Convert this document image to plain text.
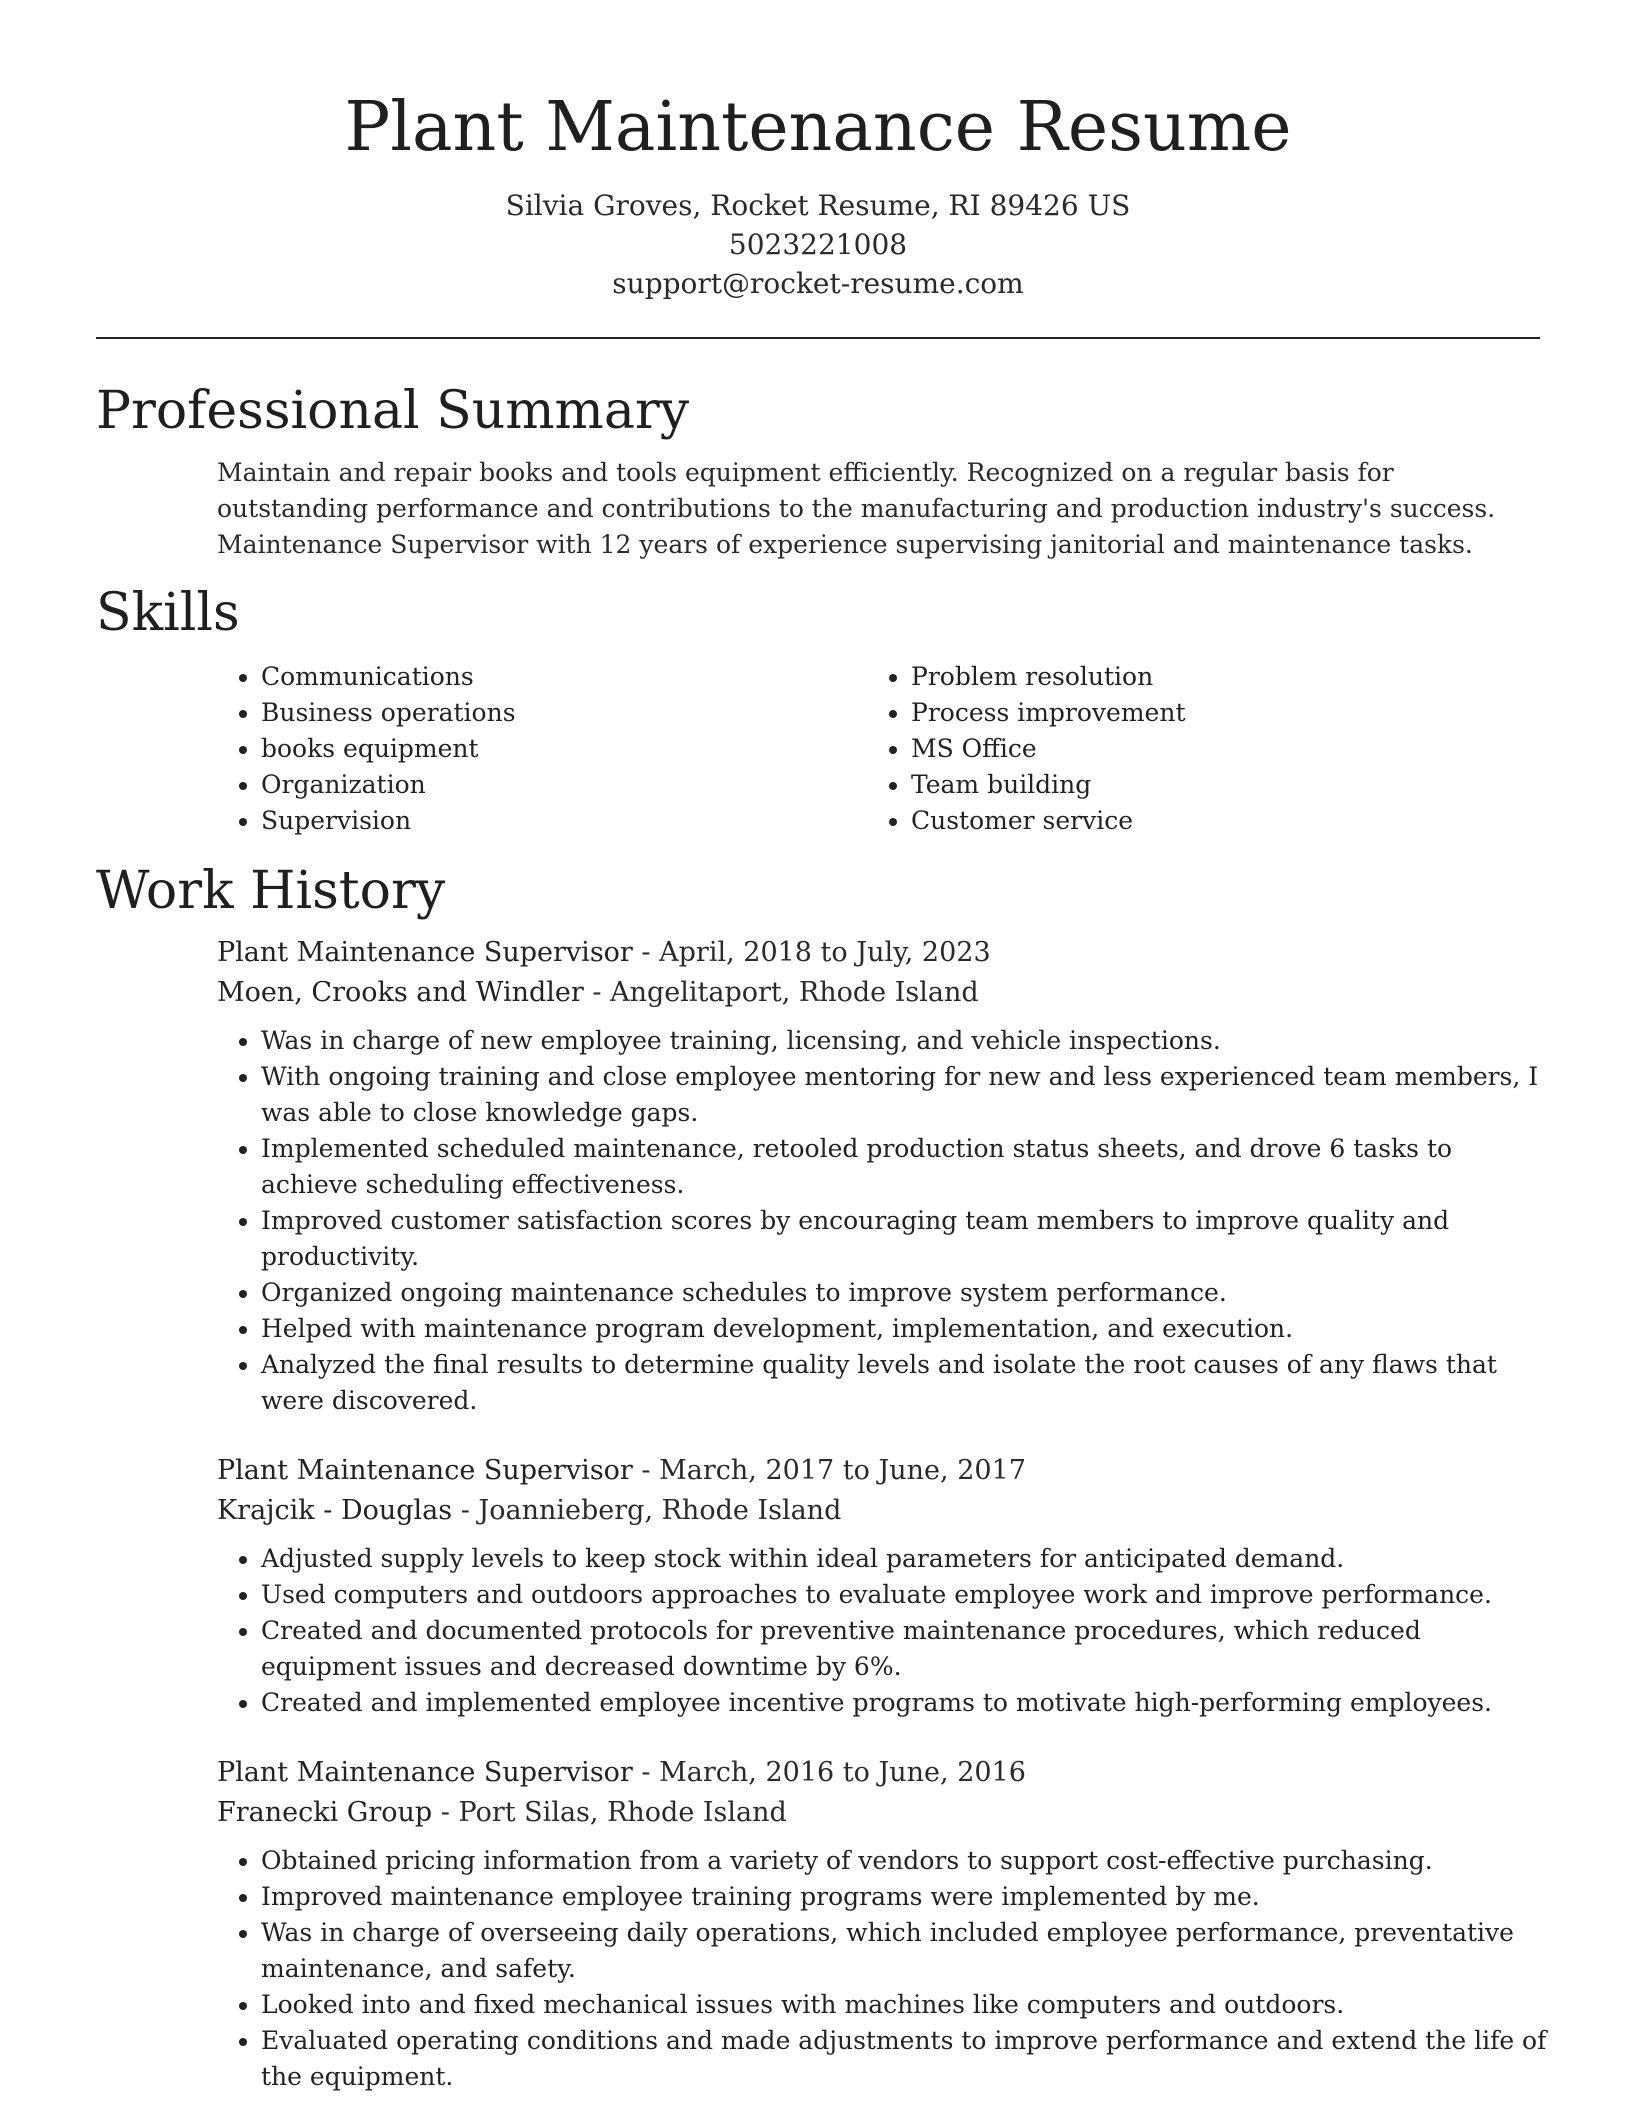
Plant Maintenance Resume
Silvia Groves, Rocket Resume, RI 89426 US
5023221008
support@rocket-resume.com
Professional Summary
Maintain and repair books and tools equipment efficiently. Recognized on a regular basis for outstanding performance and contributions to the manufacturing and production industry's success. Maintenance Supervisor with 12 years of experience supervising janitorial and maintenance tasks.
Skills
• Communications
• Business operations
• books equipment
• Organization
• Supervision
• Problem resolution
• Process improvement
• MS Office
• Team building
• Customer service
Work History
Plant Maintenance Supervisor - April, 2018 to July, 2023
Moen, Crooks and Windler - Angelitaport, Rhode Island
• Was in charge of new employee training, licensing, and vehicle inspections.
• With ongoing training and close employee mentoring for new and less experienced team members, I was able to close knowledge gaps.
• Implemented scheduled maintenance, retooled production status sheets, and drove 6 tasks to achieve scheduling effectiveness.
• Improved customer satisfaction scores by encouraging team members to improve quality and productivity.
• Organized ongoing maintenance schedules to improve system performance.
• Helped with maintenance program development, implementation, and execution.
• Analyzed the final results to determine quality levels and isolate the root causes of any flaws that were discovered.
Plant Maintenance Supervisor - March, 2017 to June, 2017
Krajcik - Douglas - Joannieberg, Rhode Island
• Adjusted supply levels to keep stock within ideal parameters for anticipated demand.
• Used computers and outdoors approaches to evaluate employee work and improve performance.
• Created and documented protocols for preventive maintenance procedures, which reduced equipment issues and decreased downtime by 6%.
• Created and implemented employee incentive programs to motivate high-performing employees.
Plant Maintenance Supervisor - March, 2016 to June, 2016
Franecki Group - Port Silas, Rhode Island
• Obtained pricing information from a variety of vendors to support cost-effective purchasing.
• Improved maintenance employee training programs were implemented by me.
• Was in charge of overseeing daily operations, which included employee performance, preventative maintenance, and safety.
• Looked into and fixed mechanical issues with machines like computers and outdoors.
• Evaluated operating conditions and made adjustments to improve performance and extend the life of the equipment.
